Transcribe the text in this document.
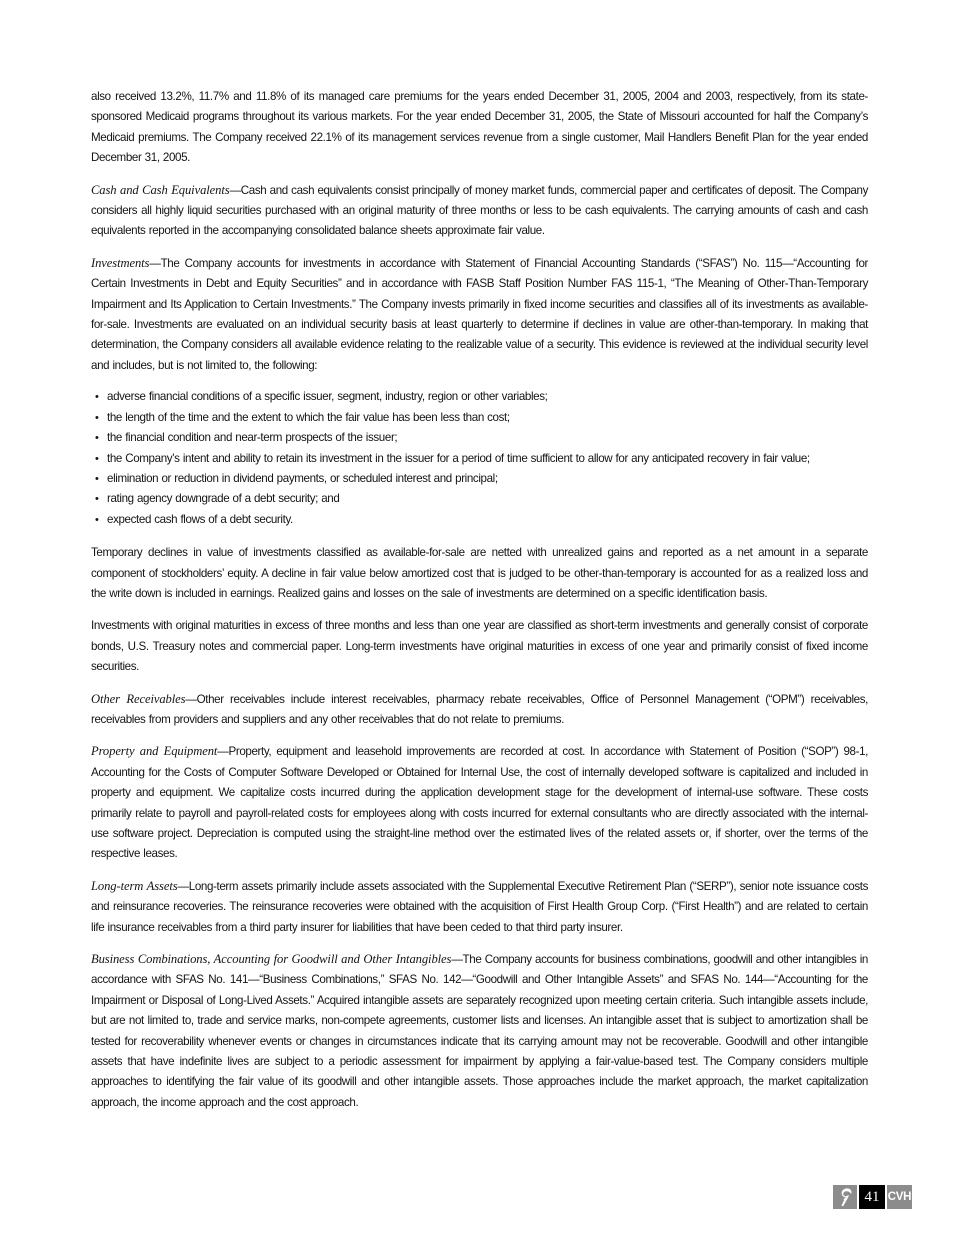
also received 13.2%, 11.7% and 11.8% of its managed care premiums for the years ended December 31, 2005, 2004 and 2003, respectively, from its state-sponsored Medicaid programs throughout its various markets. For the year ended December 31, 2005, the State of Missouri accounted for half the Company’s Medicaid premiums. The Company received 22.1% of its management services revenue from a single customer, Mail Handlers Benefit Plan for the year ended December 31, 2005.

Cash and Cash Equivalents—Cash and cash equivalents consist principally of money market funds, commercial paper and certificates of deposit. The Company considers all highly liquid securities purchased with an original maturity of three months or less to be cash equivalents. The carrying amounts of cash and cash equivalents reported in the accompanying consolidated balance sheets approximate fair value.

Investments—The Company accounts for investments in accordance with Statement of Financial Accounting Standards (“SFAS”) No. 115—“Accounting for Certain Investments in Debt and Equity Securities” and in accordance with FASB Staff Position Number FAS 115-1, “The Meaning of Other-Than-Temporary Impairment and Its Application to Certain Investments.” The Company invests primarily in fixed income securities and classifies all of its investments as available-for-sale. Investments are evaluated on an individual security basis at least quarterly to determine if declines in value are other-than-temporary. In making that determination, the Company considers all available evidence relating to the realizable value of a security. This evidence is reviewed at the individual security level and includes, but is not limited to, the following:

• adverse financial conditions of a specific issuer, segment, industry, region or other variables;
• the length of the time and the extent to which the fair value has been less than cost;
• the financial condition and near-term prospects of the issuer;
• the Company’s intent and ability to retain its investment in the issuer for a period of time sufficient to allow for any anticipated recovery in fair value;
• elimination or reduction in dividend payments, or scheduled interest and principal;
• rating agency downgrade of a debt security; and
• expected cash flows of a debt security.

Temporary declines in value of investments classified as available-for-sale are netted with unrealized gains and reported as a net amount in a separate component of stockholders’ equity. A decline in fair value below amortized cost that is judged to be other-than-temporary is accounted for as a realized loss and the write down is included in earnings. Realized gains and losses on the sale of investments are determined on a specific identification basis.

Investments with original maturities in excess of three months and less than one year are classified as short-term investments and generally consist of corporate bonds, U.S. Treasury notes and commercial paper. Long-term investments have original maturities in excess of one year and primarily consist of fixed income securities.

Other Receivables—Other receivables include interest receivables, pharmacy rebate receivables, Office of Personnel Management (“OPM”) receivables, receivables from providers and suppliers and any other receivables that do not relate to premiums.

Property and Equipment—Property, equipment and leasehold improvements are recorded at cost. In accordance with Statement of Position (“SOP”) 98-1, Accounting for the Costs of Computer Software Developed or Obtained for Internal Use, the cost of internally developed software is capitalized and included in property and equipment. We capitalize costs incurred during the application development stage for the development of internal-use software. These costs primarily relate to payroll and payroll-related costs for employees along with costs incurred for external consultants who are directly associated with the internal-use software project. Depreciation is computed using the straight-line method over the estimated lives of the related assets or, if shorter, over the terms of the respective leases.

Long-term Assets—Long-term assets primarily include assets associated with the Supplemental Executive Retirement Plan (“SERP”), senior note issuance costs and reinsurance recoveries. The reinsurance recoveries were obtained with the acquisition of First Health Group Corp. (“First Health”) and are related to certain life insurance receivables from a third party insurer for liabilities that have been ceded to that third party insurer.

Business Combinations, Accounting for Goodwill and Other Intangibles—The Company accounts for business combinations, goodwill and other intangibles in accordance with SFAS No. 141—“Business Combinations,” SFAS No. 142—“Goodwill and Other Intangible Assets” and SFAS No. 144—“Accounting for the Impairment or Disposal of Long-Lived Assets.” Acquired intangible assets are separately recognized upon meeting certain criteria. Such intangible assets include, but are not limited to, trade and service marks, non-compete agreements, customer lists and licenses. An intangible asset that is subject to amortization shall be tested for recoverability whenever events or changes in circumstances indicate that its carrying amount may not be recoverable. Goodwill and other intangible assets that have indefinite lives are subject to a periodic assessment for impairment by applying a fair-value-based test. The Company considers multiple approaches to identifying the fair value of its goodwill and other intangible assets. Those approaches include the market approach, the market capitalization approach, the income approach and the cost approach.

41 CVH
